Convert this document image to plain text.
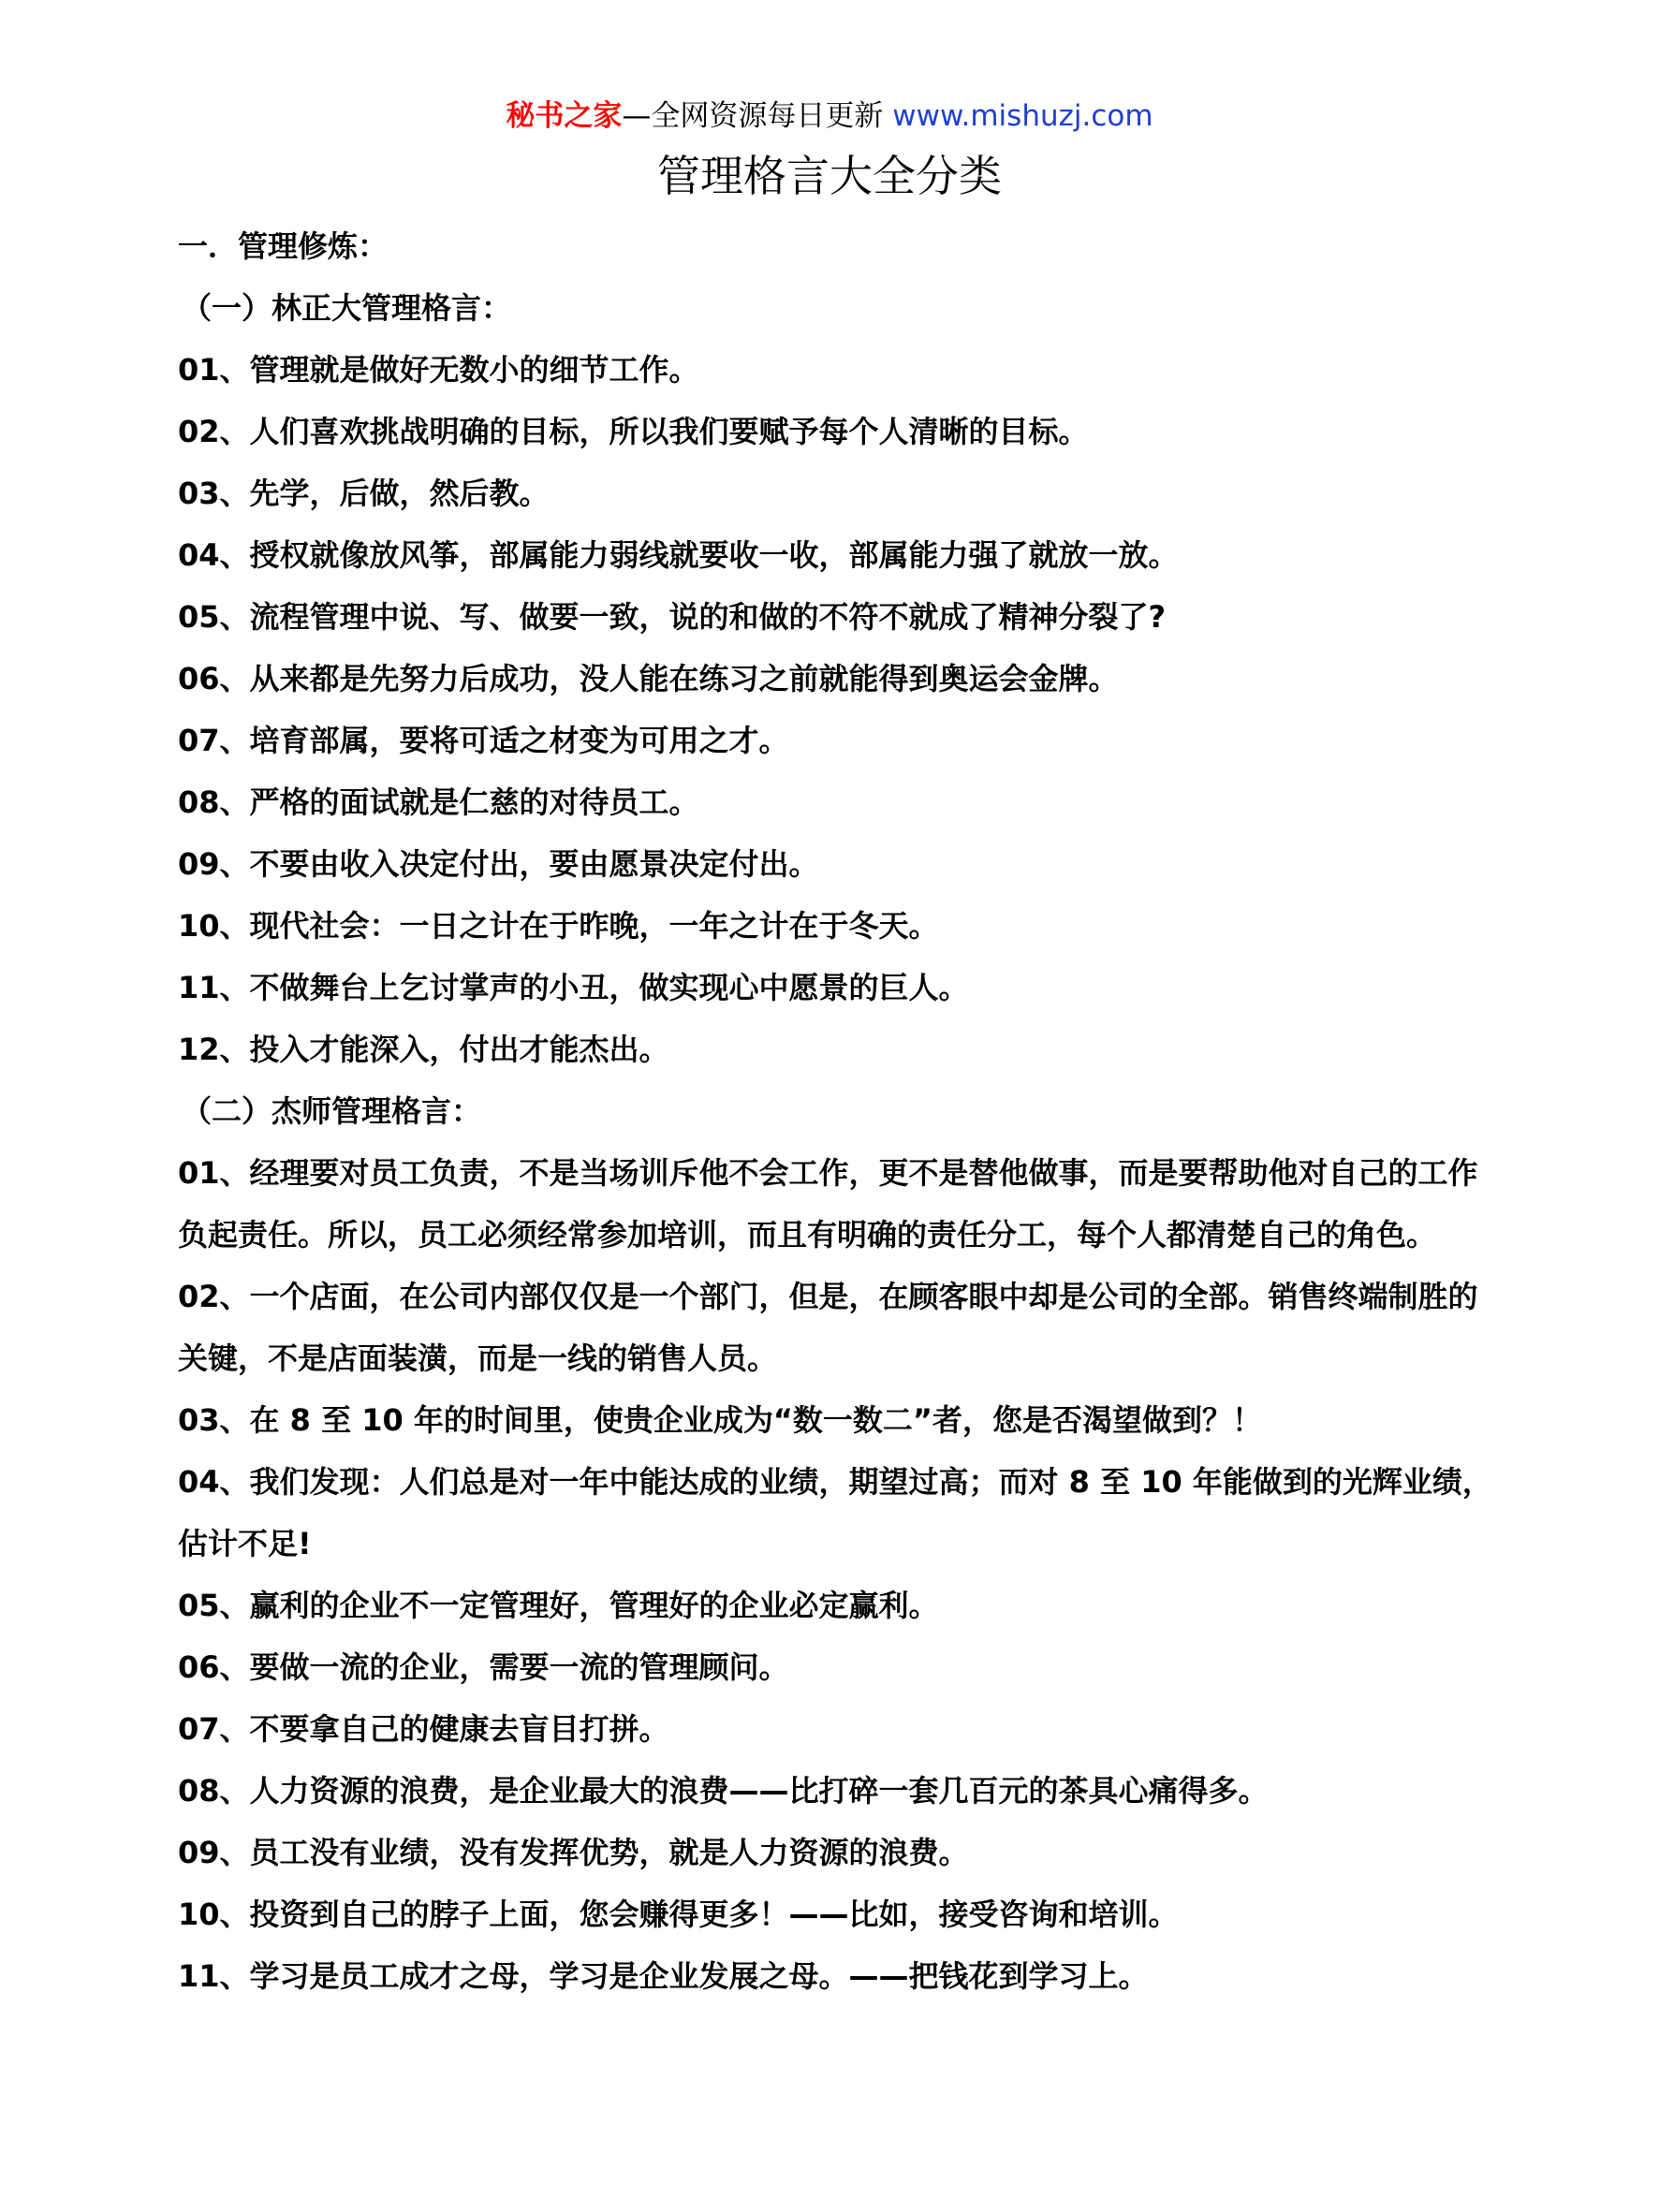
秘书之家—全网资源每日更新 www.mishuzj.com
管理格言大全分类
一．管理修炼：
（一）林正大管理格言：
01、管理就是做好无数小的细节工作。
02、人们喜欢挑战明确的目标，所以我们要赋予每个人清晰的目标。
03、先学，后做，然后教。
04、授权就像放风筝，部属能力弱线就要收一收，部属能力强了就放一放。
05、流程管理中说、写、做要一致，说的和做的不符不就成了精神分裂了?
06、从来都是先努力后成功，没人能在练习之前就能得到奥运会金牌。
07、培育部属，要将可适之材变为可用之才。
08、严格的面试就是仁慈的对待员工。
09、不要由收入决定付出，要由愿景决定付出。
10、现代社会：一日之计在于昨晚，一年之计在于冬天。
11、不做舞台上乞讨掌声的小丑，做实现心中愿景的巨人。
12、投入才能深入，付出才能杰出。
（二）杰师管理格言：
01、经理要对员工负责，不是当场训斥他不会工作，更不是替他做事，而是要帮助他对自己的工作负起责任。所以，员工必须经常参加培训，而且有明确的责任分工，每个人都清楚自己的角色。
02、一个店面，在公司内部仅仅是一个部门，但是，在顾客眼中却是公司的全部。销售终端制胜的关键，不是店面装潢，而是一线的销售人员。
03、在 8 至 10 年的时间里，使贵企业成为“数一数二”者，您是否渴望做到？！
04、我们发现：人们总是对一年中能达成的业绩，期望过高；而对 8 至 10 年能做到的光辉业绩，估计不足!
05、赢利的企业不一定管理好，管理好的企业必定赢利。
06、要做一流的企业，需要一流的管理顾问。
07、不要拿自己的健康去盲目打拼。
08、人力资源的浪费，是企业最大的浪费——比打碎一套几百元的茶具心痛得多。
09、员工没有业绩，没有发挥优势，就是人力资源的浪费。
10、投资到自己的脖子上面，您会赚得更多！——比如，接受咨询和培训。
11、学习是员工成才之母，学习是企业发展之母。——把钱花到学习上。
